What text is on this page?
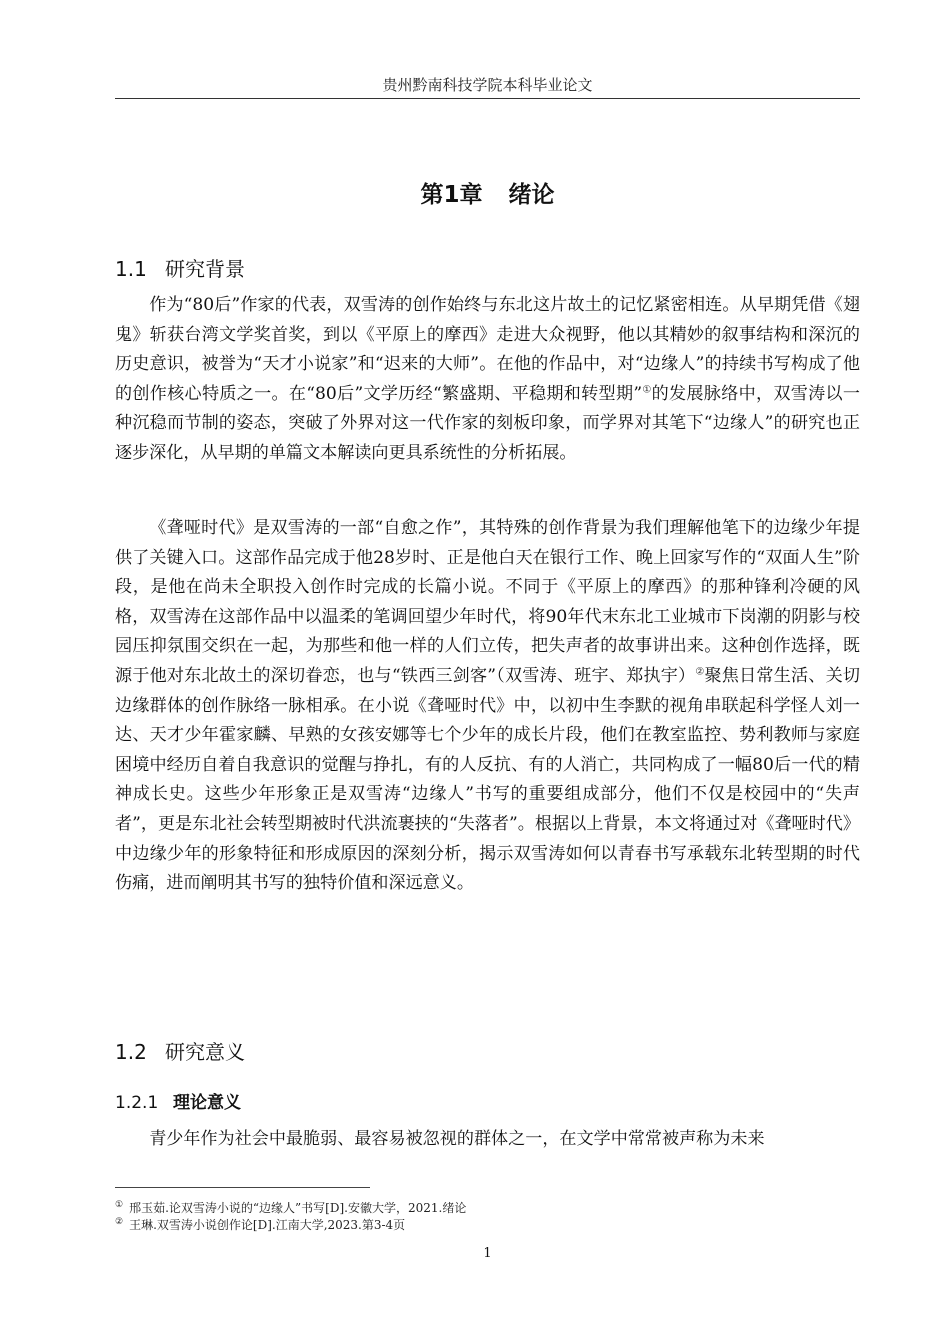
贵州黔南科技学院本科毕业论文
第1章 绪论
1.1 研究背景

作为“80后”作家的代表，双雪涛的创作始终与东北这片故土的记忆紧密相连。从早期凭借《翅鬼》斩获台湾文学奖首奖，到以《平原上的摩西》走进大众视野，他以其精妙的叙事结构和深沉的历史意识，被誉为“天才小说家”和“迟来的大师”。在他的作品中，对“边缘人”的持续书写构成了他的创作核心特质之一。在“80后”文学历经“繁盛期、平稳期和转型期”①的发展脉络中，双雪涛以一种沉稳而节制的姿态，突破了外界对这一代作家的刻板印象，而学界对其笔下“边缘人”的研究也正逐步深化，从早期的单篇文本解读向更具系统性的分析拓展。

《聋哑时代》是双雪涛的一部“自愈之作”，其特殊的创作背景为我们理解他笔下的边缘少年提供了关键入口。这部作品完成于他28岁时、正是他白天在银行工作、晚上回家写作的“双面人生”阶段，是他在尚未全职投入创作时完成的长篇小说。不同于《平原上的摩西》的那种锋利冷硬的风格，双雪涛在这部作品中以温柔的笔调回望少年时代，将90年代末东北工业城市下岗潮的阴影与校园压抑氛围交织在一起，为那些和他一样的人们立传，把失声者的故事讲出来。这种创作选择，既源于他对东北故土的深切眷恋，也与“铁西三剑客”（双雪涛、班宇、郑执宇）②聚焦日常生活、关切边缘群体的创作脉络一脉相承。在小说《聋哑时代》中，以初中生李默的视角串联起科学怪人刘一达、天才少年霍家麟、早熟的女孩安娜等七个少年的成长片段，他们在教室监控、势利教师与家庭困境中经历自着自我意识的觉醒与挣扎，有的人反抗、有的人消亡，共同构成了一幅80后一代的精神成长史。这些少年形象正是双雪涛“边缘人”书写的重要组成部分，他们不仅是校园中的“失声者”，更是东北社会转型期被时代洪流裹挟的“失落者”。根据以上背景，本文将通过对《聋哑时代》中边缘少年的形象特征和形成原因的深刻分析，揭示双雪涛如何以青春书写承载东北转型期的时代伤痛，进而阐明其书写的独特价值和深远意义。

1.2 研究意义
1.2.1 理论意义

青少年作为社会中最脆弱、最容易被忽视的群体之一，在文学中常常被声称为未来

① 邢玉茹.论双雪涛小说的“边缘人”书写[D].安徽大学，2021.绪论
② 王琳.双雪涛小说创作论[D].江南大学,2023.第3-4页
1
